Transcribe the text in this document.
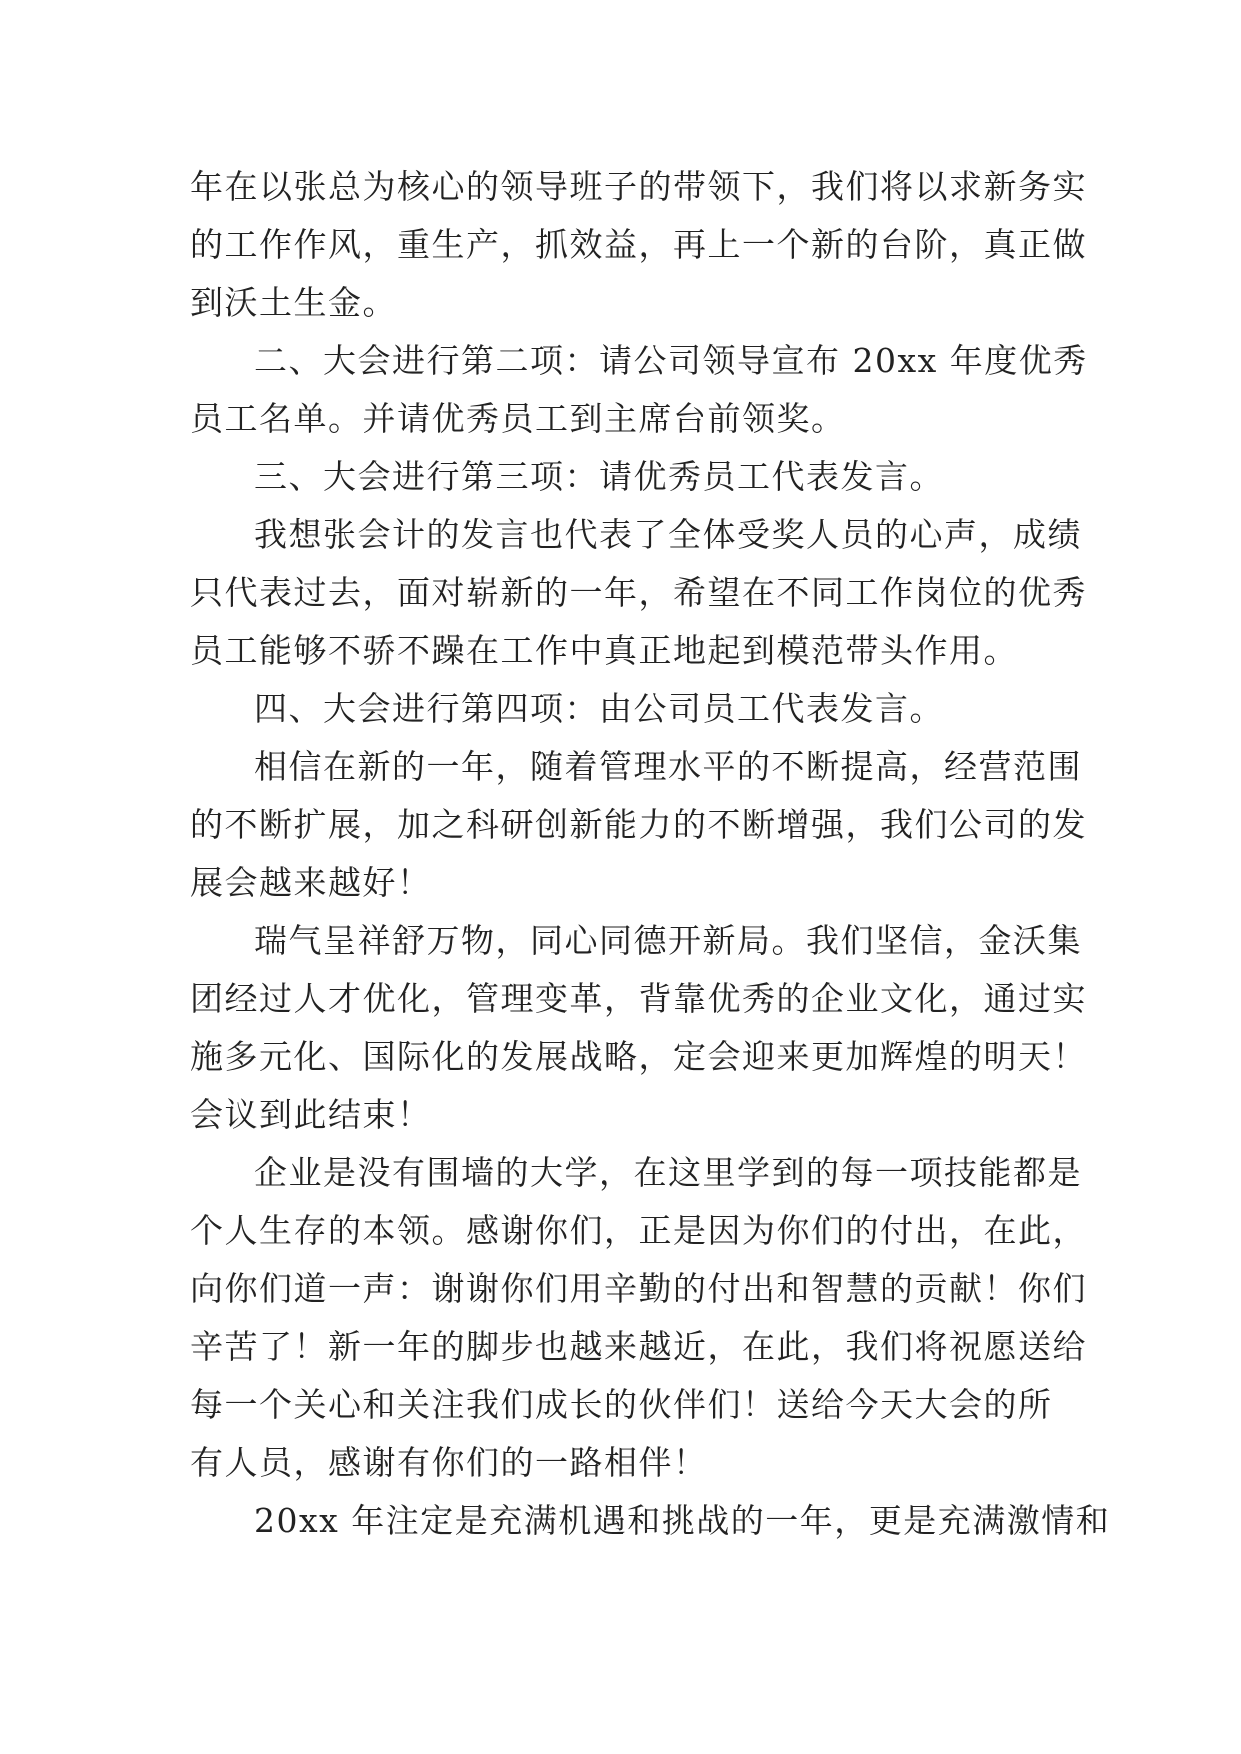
年在以张总为核心的领导班子的带领下，我们将以求新务实
的工作作风，重生产，抓效益，再上一个新的台阶，真正做
到沃土生金。
二、大会进行第二项：请公司领导宣布 20xx 年度优秀
员工名单。并请优秀员工到主席台前领奖。
三、大会进行第三项：请优秀员工代表发言。
我想张会计的发言也代表了全体受奖人员的心声，成绩
只代表过去，面对崭新的一年，希望在不同工作岗位的优秀
员工能够不骄不躁在工作中真正地起到模范带头作用。
四、大会进行第四项：由公司员工代表发言。
相信在新的一年，随着管理水平的不断提高，经营范围
的不断扩展，加之科研创新能力的不断增强，我们公司的发
展会越来越好！
瑞气呈祥舒万物，同心同德开新局。我们坚信，金沃集
团经过人才优化，管理变革，背靠优秀的企业文化，通过实
施多元化、国际化的发展战略，定会迎来更加辉煌的明天！
会议到此结束！
企业是没有围墙的大学，在这里学到的每一项技能都是
个人生存的本领。感谢你们，正是因为你们的付出，在此，
向你们道一声：谢谢你们用辛勤的付出和智慧的贡献！你们
辛苦了！新一年的脚步也越来越近，在此，我们将祝愿送给
每一个关心和关注我们成长的伙伴们！送给今天大会的所
有人员，感谢有你们的一路相伴！
20xx 年注定是充满机遇和挑战的一年，更是充满激情和
